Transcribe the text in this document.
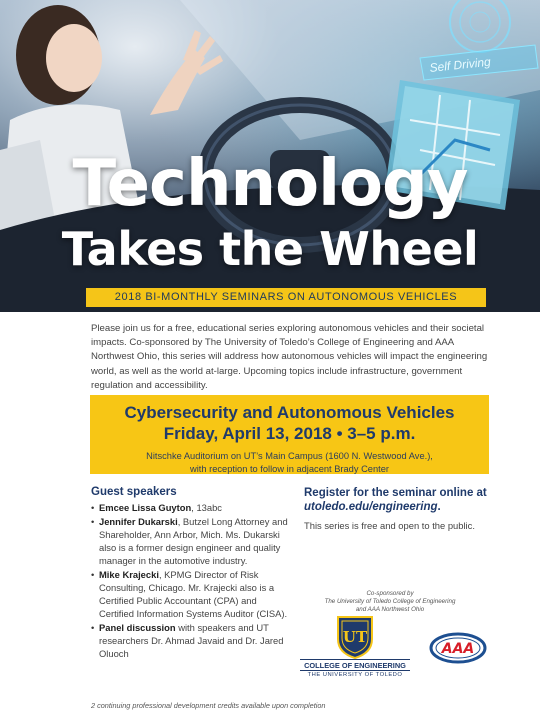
Self Driving
Technology
Takes the Wheel
2018 BI-MONTHLY SEMINARS ON AUTONOMOUS VEHICLES

Please join us for a free, educational series exploring autonomous vehicles and their societal impacts. Co-sponsored by The University of Toledo’s College of Engineering and AAA Northwest Ohio, this series will address how autonomous vehicles will impact the engineering world, as well as the world at-large. Upcoming topics include infrastructure, government regulation and accessibility.

Cybersecurity and Autonomous Vehicles
Friday, April 13, 2018 • 3–5 p.m.
Nitschke Auditorium on UT’s Main Campus (1600 N. Westwood Ave.),
with reception to follow in adjacent Brady Center
Guest speakers
• Emcee Lissa Guyton, 13abc
• Jennifer Dukarski, Butzel Long Attorney and Shareholder, Ann Arbor, Mich. Ms. Dukarski also is a former design engineer and quality manager in the automotive industry.
• Mike Krajecki, KPMG Director of Risk Consulting, Chicago. Mr. Krajecki also is a Certified Public Accountant (CPA) and Certified Information Systems Auditor (CISA).
• Panel discussion with speakers and UT researchers Dr. Ahmad Javaid and Dr. Jared Oluoch
Register for the seminar online at
utoledo.edu/engineering.
This series is free and open to the public.
Co-sponsored by
The University of Toledo College of Engineering
and AAA Northwest Ohio
UT
COLLEGE OF ENGINEERING
THE UNIVERSITY OF TOLEDO
AAA
2 continuing professional development credits available upon completion
